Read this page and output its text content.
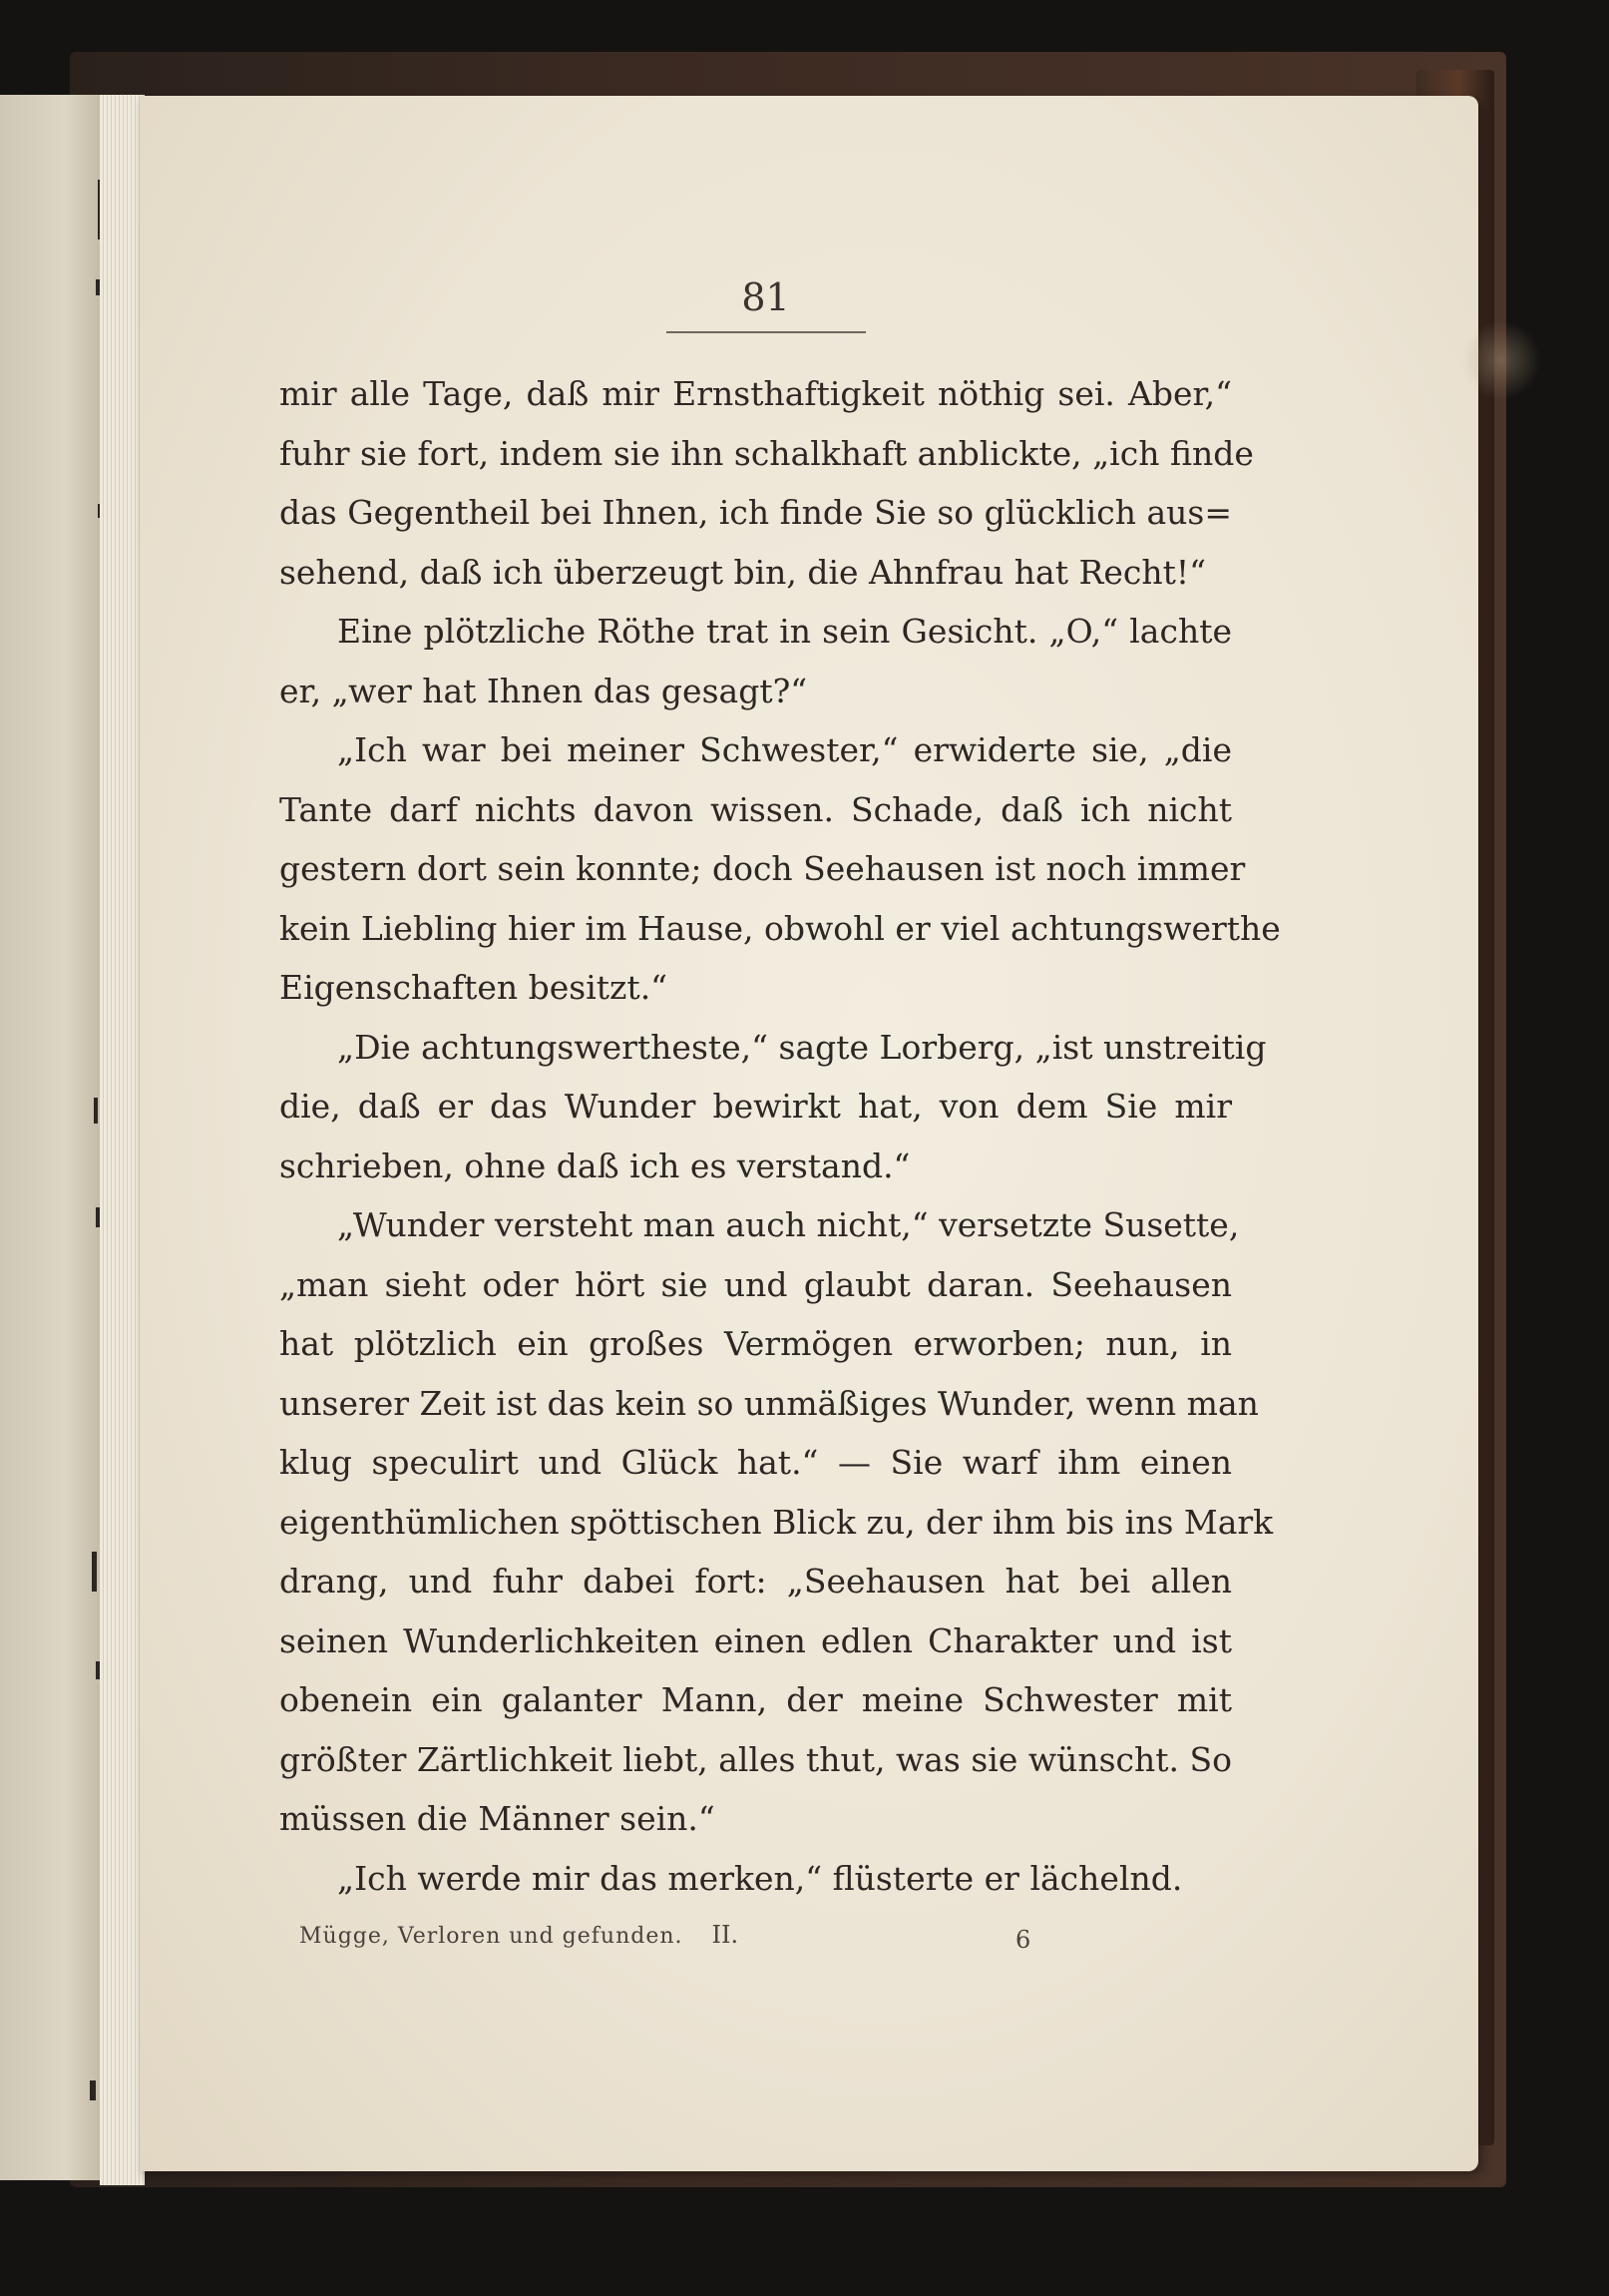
81
mir alle Tage, daß mir Ernsthaftigkeit nöthig sei. Aber,“
fuhr sie fort, indem sie ihn schalkhaft anblickte, „ich finde
das Gegentheil bei Ihnen, ich finde Sie so glücklich aus=
sehend, daß ich überzeugt bin, die Ahnfrau hat Recht!“
Eine plötzliche Röthe trat in sein Gesicht. „O,“ lachte
er, „wer hat Ihnen das gesagt?“
„Ich war bei meiner Schwester,“ erwiderte sie, „die
Tante darf nichts davon wissen. Schade, daß ich nicht
gestern dort sein konnte; doch Seehausen ist noch immer
kein Liebling hier im Hause, obwohl er viel achtungswerthe
Eigenschaften besitzt.“
„Die achtungswertheste,“ sagte Lorberg, „ist unstreitig
die, daß er das Wunder bewirkt hat, von dem Sie mir
schrieben, ohne daß ich es verstand.“
„Wunder versteht man auch nicht,“ versetzte Susette,
„man sieht oder hört sie und glaubt daran. Seehausen
hat plötzlich ein großes Vermögen erworben; nun, in
unserer Zeit ist das kein so unmäßiges Wunder, wenn man
klug speculirt und Glück hat.“ — Sie warf ihm einen
eigenthümlichen spöttischen Blick zu, der ihm bis ins Mark
drang, und fuhr dabei fort: „Seehausen hat bei allen
seinen Wunderlichkeiten einen edlen Charakter und ist
obenein ein galanter Mann, der meine Schwester mit
größter Zärtlichkeit liebt, alles thut, was sie wünscht. So
müssen die Männer sein.“
„Ich werde mir das merken,“ flüsterte er lächelnd.
Mügge, Verloren und gefunden. II.	6
